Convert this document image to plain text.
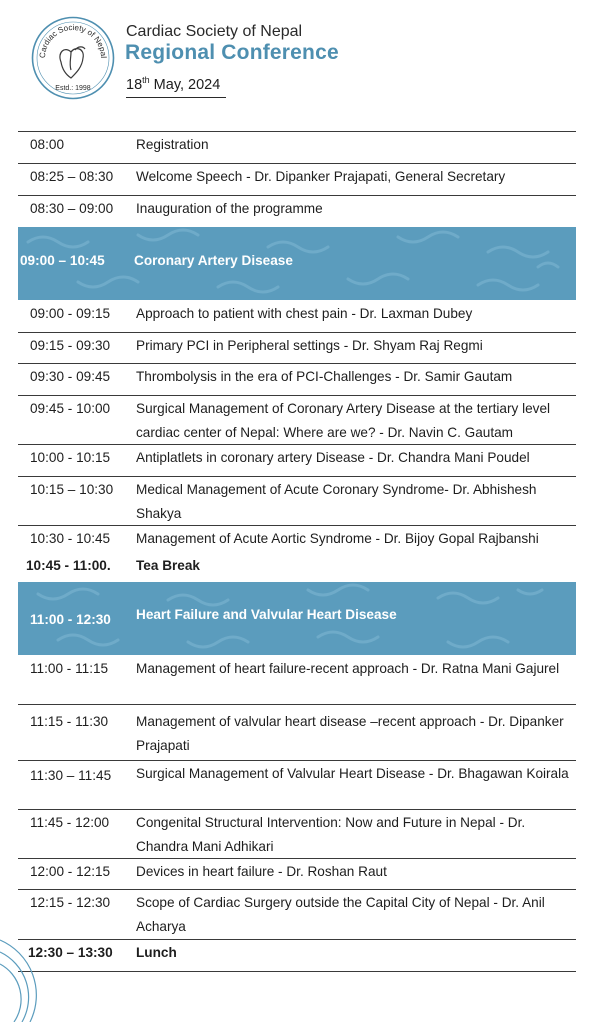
Cardiac Society of Nepal
Estd.: 1998
Cardiac Society of Nepal
Regional Conference
18th May, 2024
08:00	Registration
08:25 – 08:30 Welcome Speech - Dr. Dipanker Prajapati, General Secretary
08:30 – 09:00 Inauguration of the programme
09:00 – 10:45 Coronary Artery Disease
09:00 - 09:15 Approach to patient with chest pain - Dr. Laxman Dubey
09:15 - 09:30 Primary PCI in Peripheral settings - Dr. Shyam Raj Regmi
09:30 - 09:45 Thrombolysis in the era of PCI-Challenges - Dr. Samir Gautam
09:45 - 10:00 Surgical Management of Coronary Artery Disease at the tertiary level cardiac center of Nepal: Where are we? - Dr. Navin C. Gautam
10:00 - 10:15 Antiplatlets in coronary artery Disease - Dr. Chandra Mani Poudel
10:15 – 10:30 Medical Management of Acute Coronary Syndrome- Dr. Abhishesh Shakya
10:30 - 10:45 Management of Acute Aortic Syndrome - Dr. Bijoy Gopal Rajbanshi
10:45 - 11:00. Tea Break
11:00 - 12:30 Heart Failure and Valvular Heart Disease
11:00 - 11:15 Management of heart failure-recent approach - Dr. Ratna Mani Gajurel
11:15 - 11:30 Management of valvular heart disease –recent approach - Dr. Dipanker Prajapati
11:30 – 11:45 Surgical Management of Valvular Heart Disease - Dr. Bhagawan Koirala
11:45 - 12:00 Congenital Structural Intervention: Now and Future in Nepal - Dr. Chandra Mani Adhikari
12:00 - 12:15 Devices in heart failure - Dr. Roshan Raut
12:15 - 12:30 Scope of Cardiac Surgery outside the Capital City of Nepal - Dr. Anil Acharya
12:30 – 13:30 Lunch
